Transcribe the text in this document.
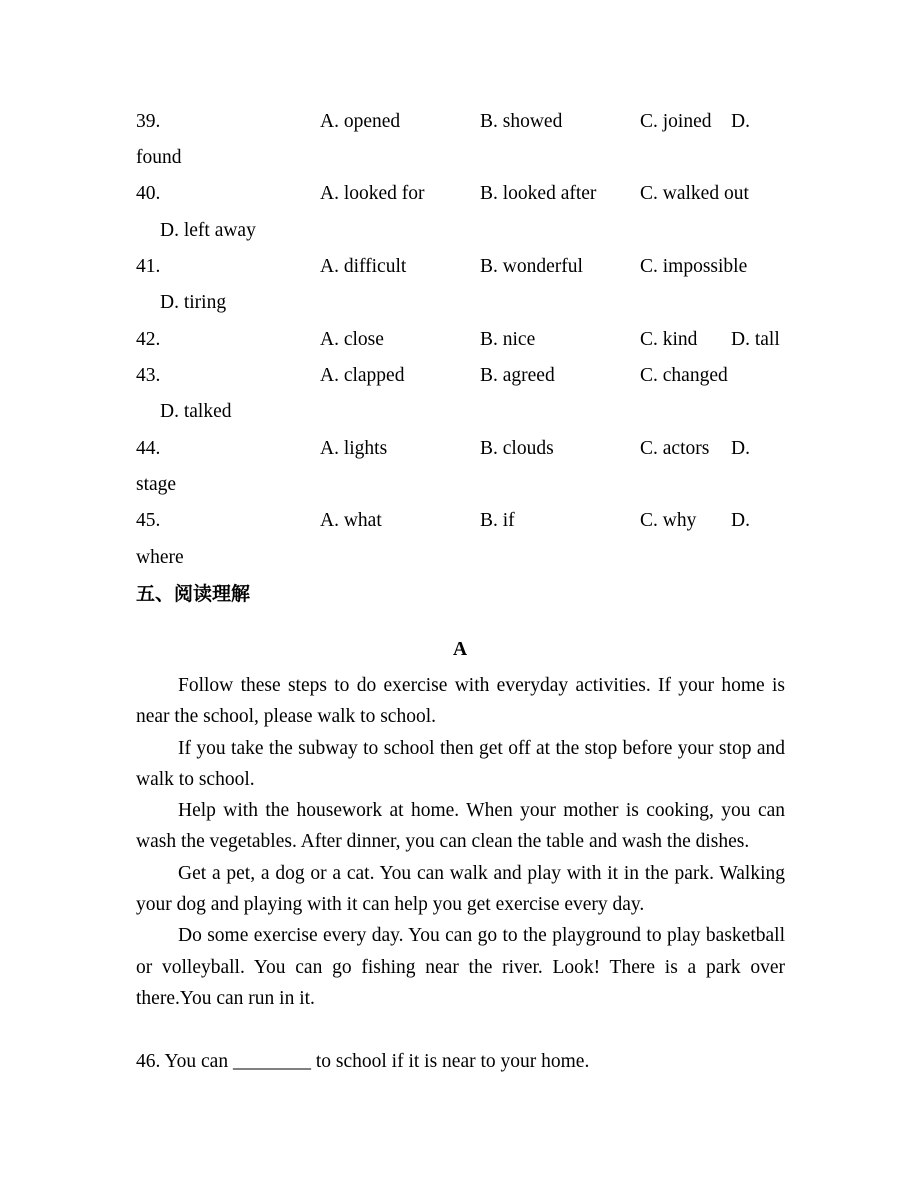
39.	A. opened	B. showed	C. joined D.
found
40.	A. looked for	B. looked after C. walked out
D. left away
41.	A. difficult	B. wonderful	C. impossible
D. tiring
42.	A. close	B. nice	C. kind D. tall
43.	A. clapped	B. agreed	C. changed
D. talked
44.	A. lights	B. clouds	C. actors D.
stage
45.	A. what	B. if	C. why D.
where
五、阅读理解
A

Follow these steps to do exercise with everyday activities. If your home is near the school, please walk to school.

If you take the subway to school then get off at the stop before your stop and walk to school.

Help with the housework at home. When your mother is cooking, you can wash the vegetables. After dinner, you can clean the table and wash the dishes.

Get a pet, a dog or a cat. You can walk and play with it in the park. Walking your dog and playing with it can help you get exercise every day.

Do some exercise every day. You can go to the playground to play basketball or volleyball. You can go fishing near the river. Look! There is a park over there.You can run in it.

46. You can ________ to school if it is near to your home.
